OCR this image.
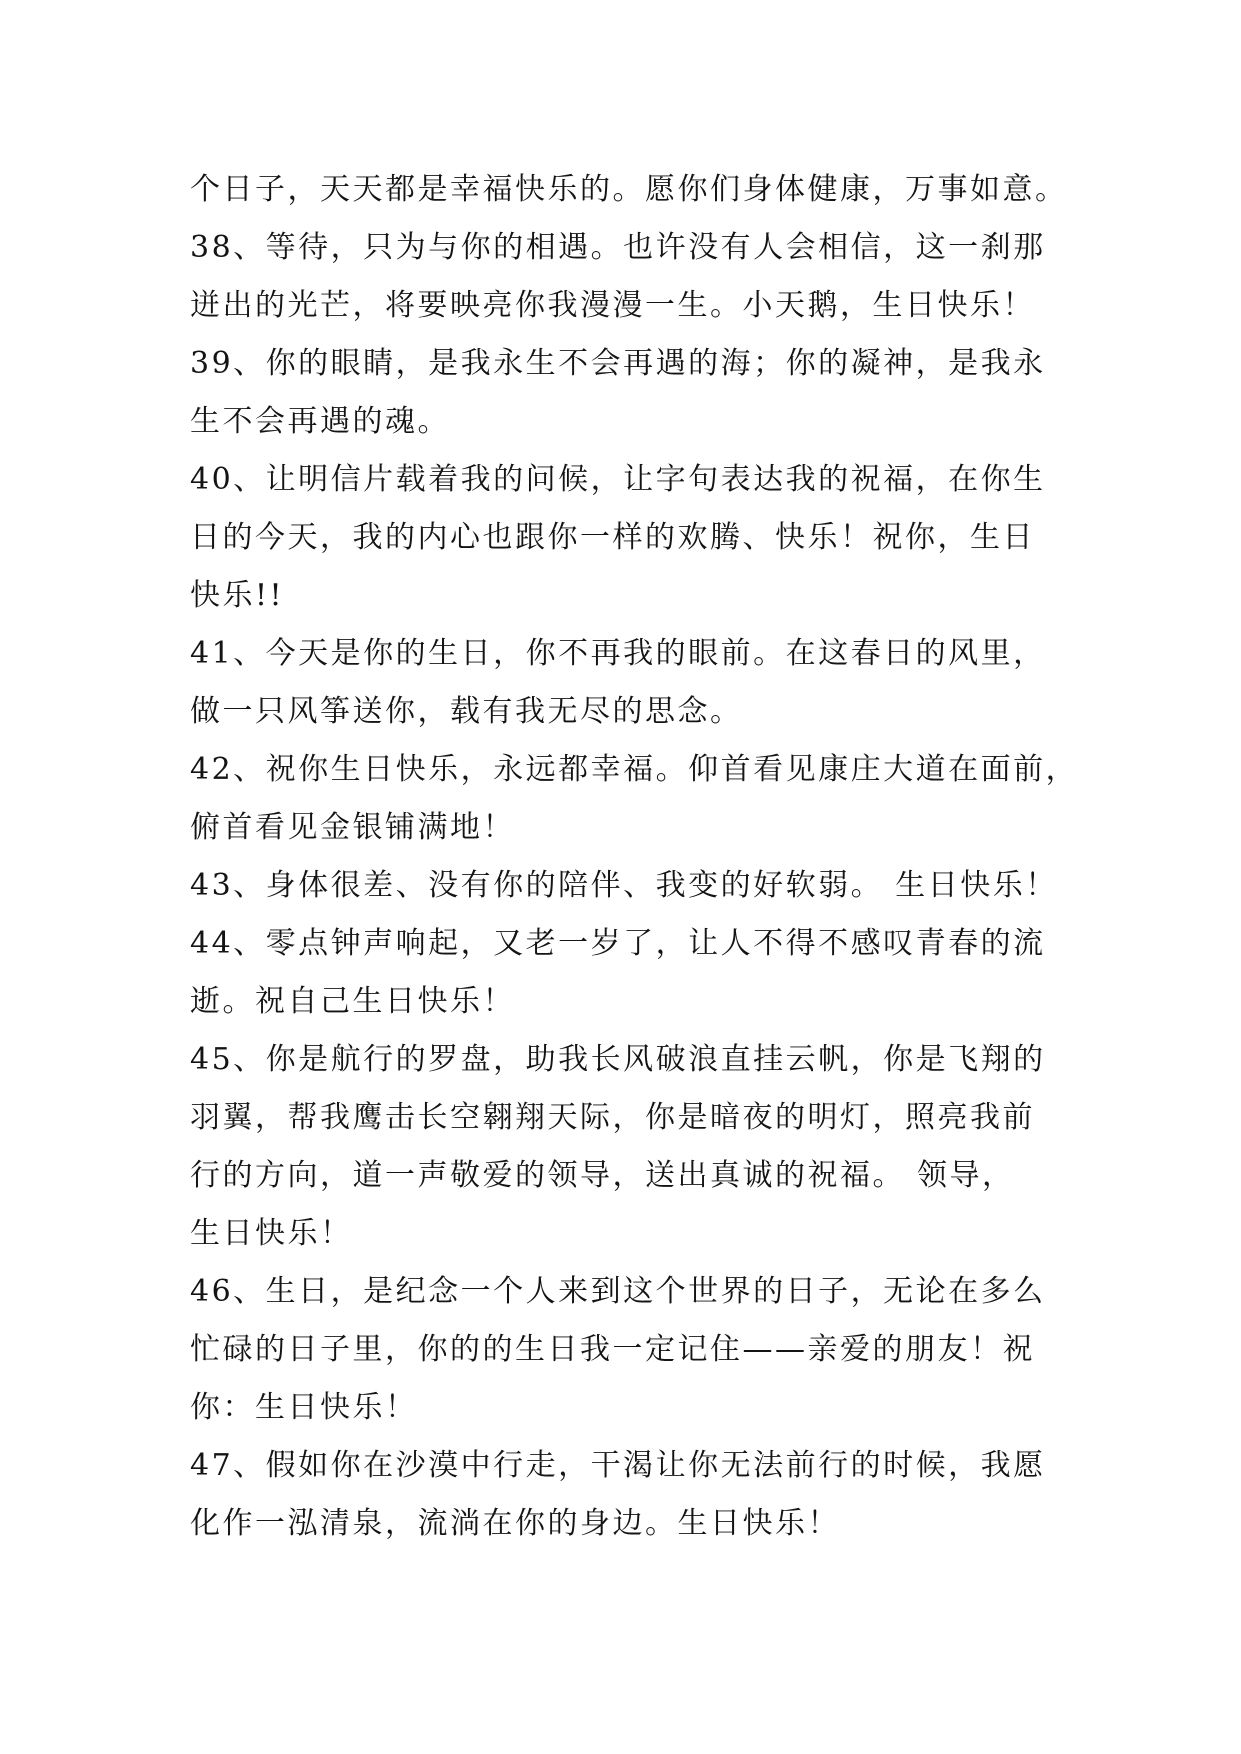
个日子，天天都是幸福快乐的。愿你们身体健康，万事如意。
38、等待，只为与你的相遇。也许没有人会相信，这一刹那
迸出的光芒，将要映亮你我漫漫一生。小天鹅，生日快乐！
39、你的眼睛，是我永生不会再遇的海；你的凝神，是我永
生不会再遇的魂。
40、让明信片载着我的问候，让字句表达我的祝福，在你生
日的今天，我的内心也跟你一样的欢腾、快乐！祝你，生日
快乐!!
41、今天是你的生日，你不再我的眼前。在这春日的风里，
做一只风筝送你，载有我无尽的思念。
42、祝你生日快乐，永远都幸福。仰首看见康庄大道在面前，
俯首看见金银铺满地！
43、身体很差、没有你的陪伴、我变的好软弱。 生日快乐！
44、零点钟声响起，又老一岁了，让人不得不感叹青春的流
逝。祝自己生日快乐！
45、你是航行的罗盘，助我长风破浪直挂云帆，你是飞翔的
羽翼，帮我鹰击长空翱翔天际，你是暗夜的明灯，照亮我前
行的方向，道一声敬爱的领导，送出真诚的祝福。 领导，
生日快乐！
46、生日，是纪念一个人来到这个世界的日子，无论在多么
忙碌的日子里，你的的生日我一定记住——亲爱的朋友！祝
你：生日快乐！
47、假如你在沙漠中行走，干渴让你无法前行的时候，我愿
化作一泓清泉，流淌在你的身边。生日快乐！
